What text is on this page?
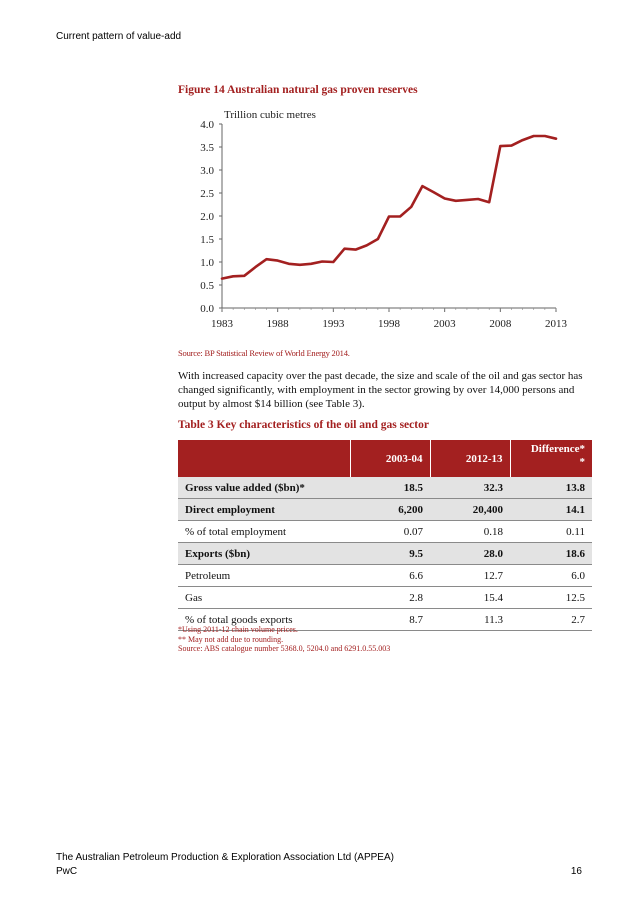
Current pattern of value-add
Figure 14 Australian natural gas proven reserves
0.0
0.5
1.0
1.5
2.0
2.5
3.0
3.5
4.0
1983	1988	1993	1998	2003	2008	2013
Trillion cubic metres
Source: BP Statistical Review of World Energy 2014.
With increased capacity over the past decade, the size and scale of the oil and gas sector has changed significantly, with employment in the sector growing by over 14,000 persons and output by almost $14 billion (see Table 3).
Table 3 Key characteristics of the oil and gas sector
	2003-04	2012-13	Difference*
*
Gross value added ($bn)*	18.5	32.3	13.8
Direct employment	6,200	20,400	14.1
% of total employment	0.07	0.18	0.11
Exports ($bn)	9.5	28.0	18.6
Petroleum	6.6	12.7	6.0
Gas	2.8	15.4	12.5
% of total goods exports	8.7	11.3	2.7
*Using 2011-12 chain volume prices.
** May not add due to rounding.
Source: ABS catalogue number 5368.0, 5204.0 and 6291.0.55.003
The Australian Petroleum Production & Exploration Association Ltd (APPEA)
PwC	16
